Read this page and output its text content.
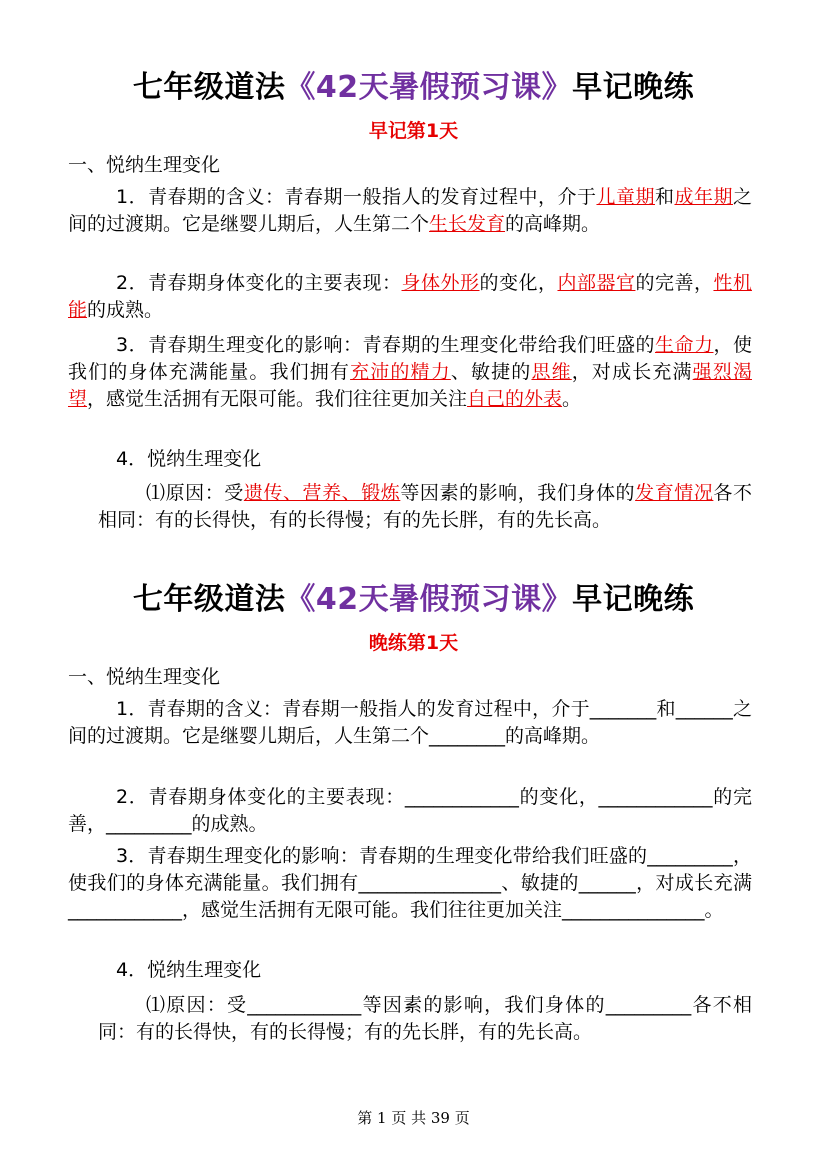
七年级道法《42天暑假预习课》早记晚练
早记第1天
一、悦纳生理变化
1．青春期的含义：青春期一般指人的发育过程中，介于儿童期和成年期之间的过渡期。它是继婴儿期后，人生第二个生长发育的高峰期。
2．青春期身体变化的主要表现：身体外形的变化，内部器官的完善，性机能的成熟。
3．青春期生理变化的影响：青春期的生理变化带给我们旺盛的生命力，使我们的身体充满能量。我们拥有充沛的精力、敏捷的思维，对成长充满强烈渴望，感觉生活拥有无限可能。我们往往更加关注自己的外表。
4．悦纳生理变化
⑴原因：受遗传、营养、锻炼等因素的影响，我们身体的发育情况各不相同：有的长得快，有的长得慢；有的先长胖，有的先长高。
七年级道法《42天暑假预习课》早记晚练
晚练第1天
一、悦纳生理变化
1．青春期的含义：青春期一般指人的发育过程中，介于_______和______之间的过渡期。它是继婴儿期后，人生第二个________的高峰期。
2．青春期身体变化的主要表现：____________的变化，____________的完善，_________的成熟。
3．青春期生理变化的影响：青春期的生理变化带给我们旺盛的_________，使我们的身体充满能量。我们拥有_______________、敏捷的______，对成长充满____________，感觉生活拥有无限可能。我们往往更加关注_______________。
4．悦纳生理变化
⑴原因：受____________等因素的影响，我们身体的_________各不相同：有的长得快，有的长得慢；有的先长胖，有的先长高。
第 1 页 共 39 页
